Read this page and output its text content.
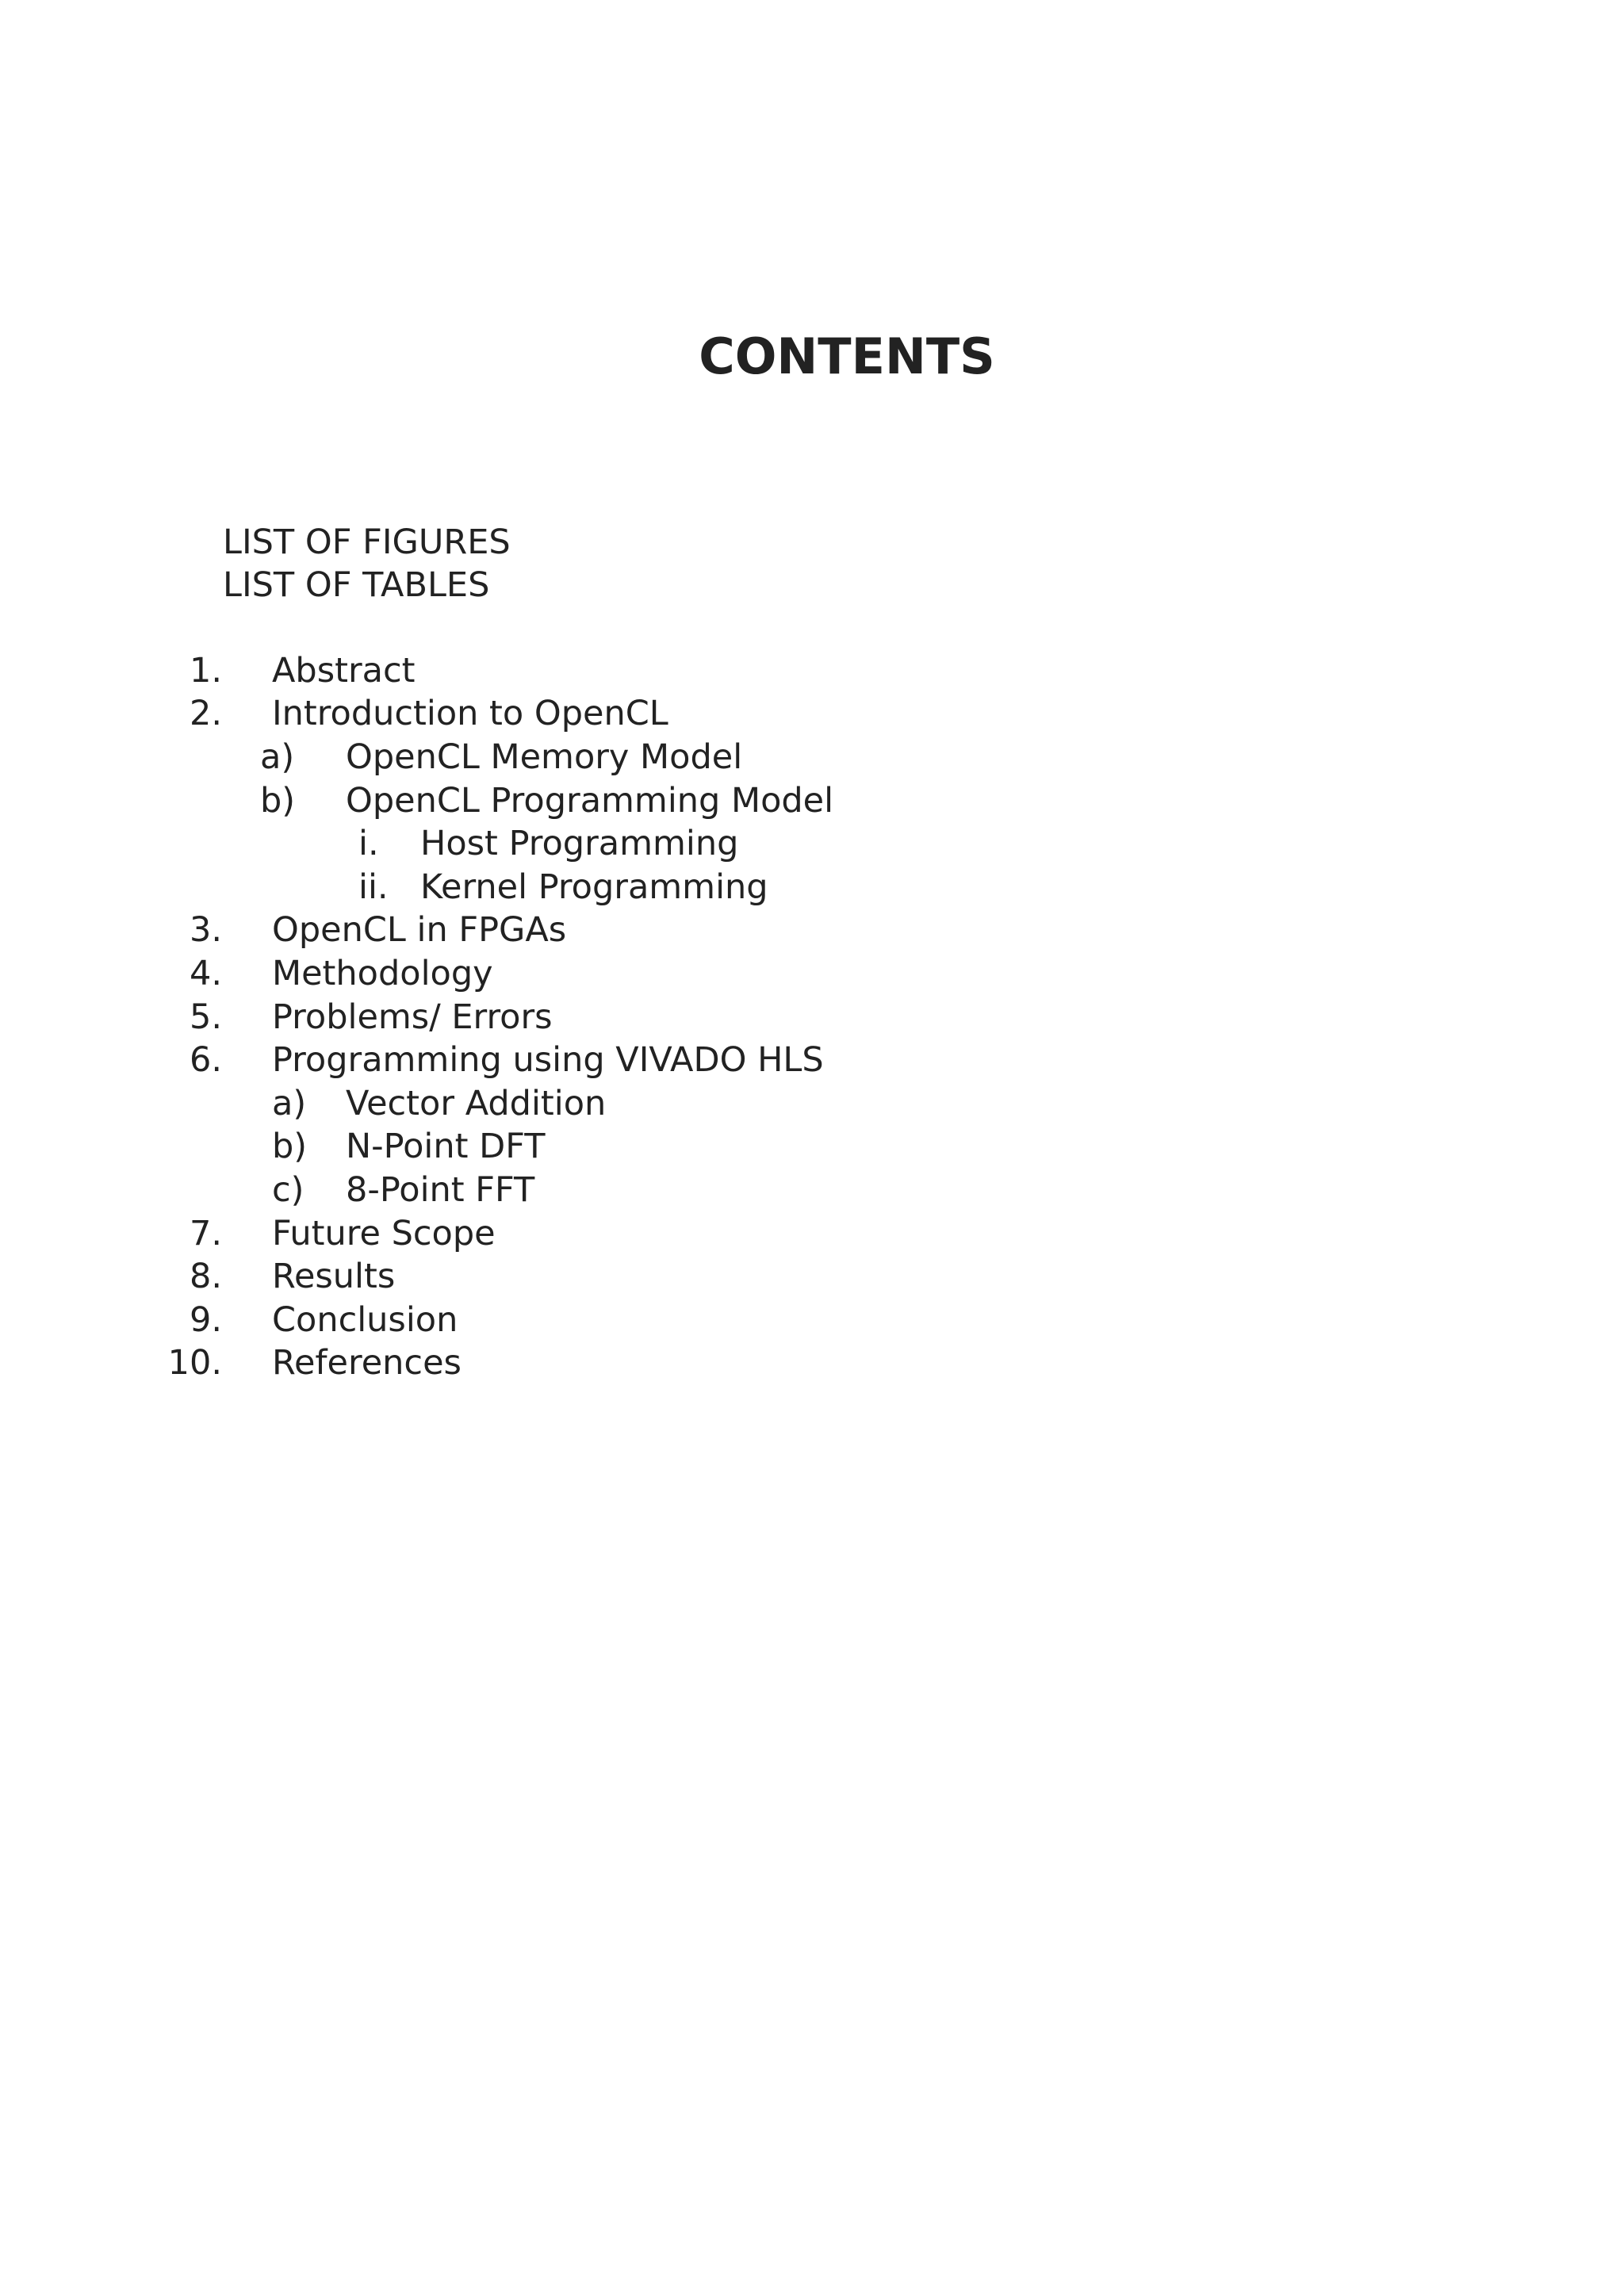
CONTENTS
LIST OF FIGURES
LIST OF TABLES
1. Abstract
2. Introduction to OpenCL
a) OpenCL Memory Model
b) OpenCL Programming Model
i. Host Programming
ii. Kernel Programming
3. OpenCL in FPGAs
4. Methodology
5. Problems/ Errors
6. Programming using VIVADO HLS
a) Vector Addition
b) N-Point DFT
c) 8-Point FFT
7. Future Scope
8. Results
9. Conclusion
10. References
